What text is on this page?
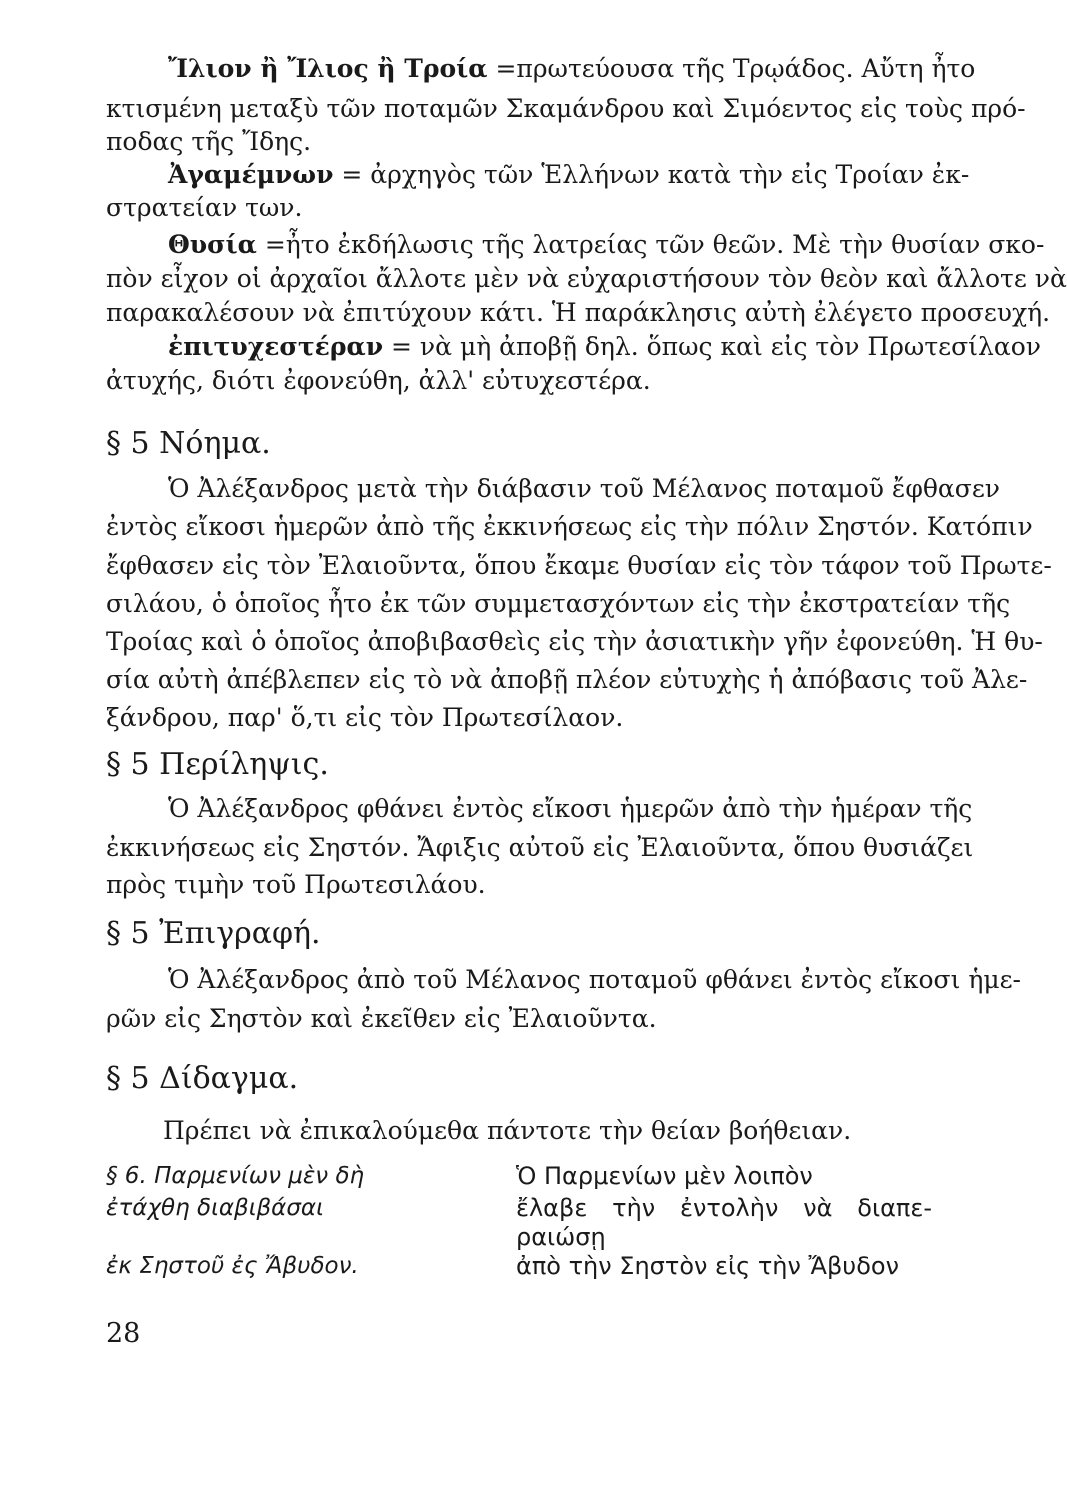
Ἴλιον ἢ Ἴλιος ἢ Τροία =πρωτεύουσα τῆς Τρῳάδος. Αὔτη ἦτο
κτισμένη μεταξὺ τῶν ποταμῶν Σκαμάνδρου καὶ Σιμόεντος εἰς τοὺς πρό-
ποδας τῆς Ἴδης.
Ἀγαμέμνων = ἀρχηγὸς τῶν Ἑλλήνων κατὰ τὴν εἰς Τροίαν ἐκ-
στρατείαν των.
Θυσία =ἦτο ἐκδήλωσις τῆς λατρείας τῶν θεῶν. Μὲ τὴν θυσίαν σκο-
πὸν εἶχον οἱ ἀρχαῖοι ἄλλοτε μὲν νὰ εὐχαριστήσουν τὸν θεὸν καὶ ἄλλοτε νὰ
παρακαλέσουν νὰ ἐπιτύχουν κάτι. Ἡ παράκλησις αὐτὴ ἐλέγετο προσευχή.
ἐπιτυχεστέραν = νὰ μὴ ἀποβῇ δηλ. ὅπως καὶ εἰς τὸν Πρωτεσίλαον
ἀτυχής, διότι ἐφονεύθη, ἀλλ' εὐτυχεστέρα.
§ 5 Νόημα.
Ὁ Ἀλέξανδρος μετὰ τὴν διάβασιν τοῦ Μέλανος ποταμοῦ ἔφθασεν
ἐντὸς εἴκοσι ἡμερῶν ἀπὸ τῆς ἐκκινήσεως εἰς τὴν πόλιν Σηστόν. Κατόπιν
ἔφθασεν εἰς τὸν Ἐλαιοῦντα, ὅπου ἔκαμε θυσίαν εἰς τὸν τάφον τοῦ Πρωτε-
σιλάου, ὁ ὁποῖος ἦτο ἐκ τῶν συμμετασχόντων εἰς τὴν ἐκστρατείαν τῆς
Τροίας καὶ ὁ ὁποῖος ἀποβιβασθεὶς εἰς τὴν ἀσιατικὴν γῆν ἐφονεύθη. Ἡ θυ-
σία αὐτὴ ἀπέβλεπεν εἰς τὸ νὰ ἀποβῇ πλέον εὐτυχὴς ἡ ἀπόβασις τοῦ Ἀλε-
ξάνδρου, παρ' ὅ,τι εἰς τὸν Πρωτεσίλαον.
§ 5 Περίληψις.
Ὁ Ἀλέξανδρος φθάνει ἐντὸς εἴκοσι ἡμερῶν ἀπὸ τὴν ἡμέραν τῆς
ἐκκινήσεως εἰς Σηστόν. Ἄφιξις αὐτοῦ εἰς Ἐλαιοῦντα, ὅπου θυσιάζει
πρὸς τιμὴν τοῦ Πρωτεσιλάου.
§ 5 Ἐπιγραφή.
Ὁ Ἀλέξανδρος ἀπὸ τοῦ Μέλανος ποταμοῦ φθάνει ἐντὸς εἴκοσι ἡμε-
ρῶν εἰς Σηστὸν καὶ ἐκεῖθεν εἰς Ἐλαιοῦντα.
§ 5 Δίδαγμα.
Πρέπει νὰ ἐπικαλούμεθα πάντοτε τὴν θείαν βοήθειαν.
§ 6. Παρμενίων μὲν δὴ
ἐτάχθη διαβιβάσαι
ἐκ Σηστοῦ ἐς Ἄβυδον.
Ὁ Παρμενίων μὲν λοιπὸν
ἔλαβε τὴν ἐντολὴν νὰ διαπε-
ραιώσῃ
ἀπὸ τὴν Σηστὸν εἰς τὴν Ἄβυδον
28
